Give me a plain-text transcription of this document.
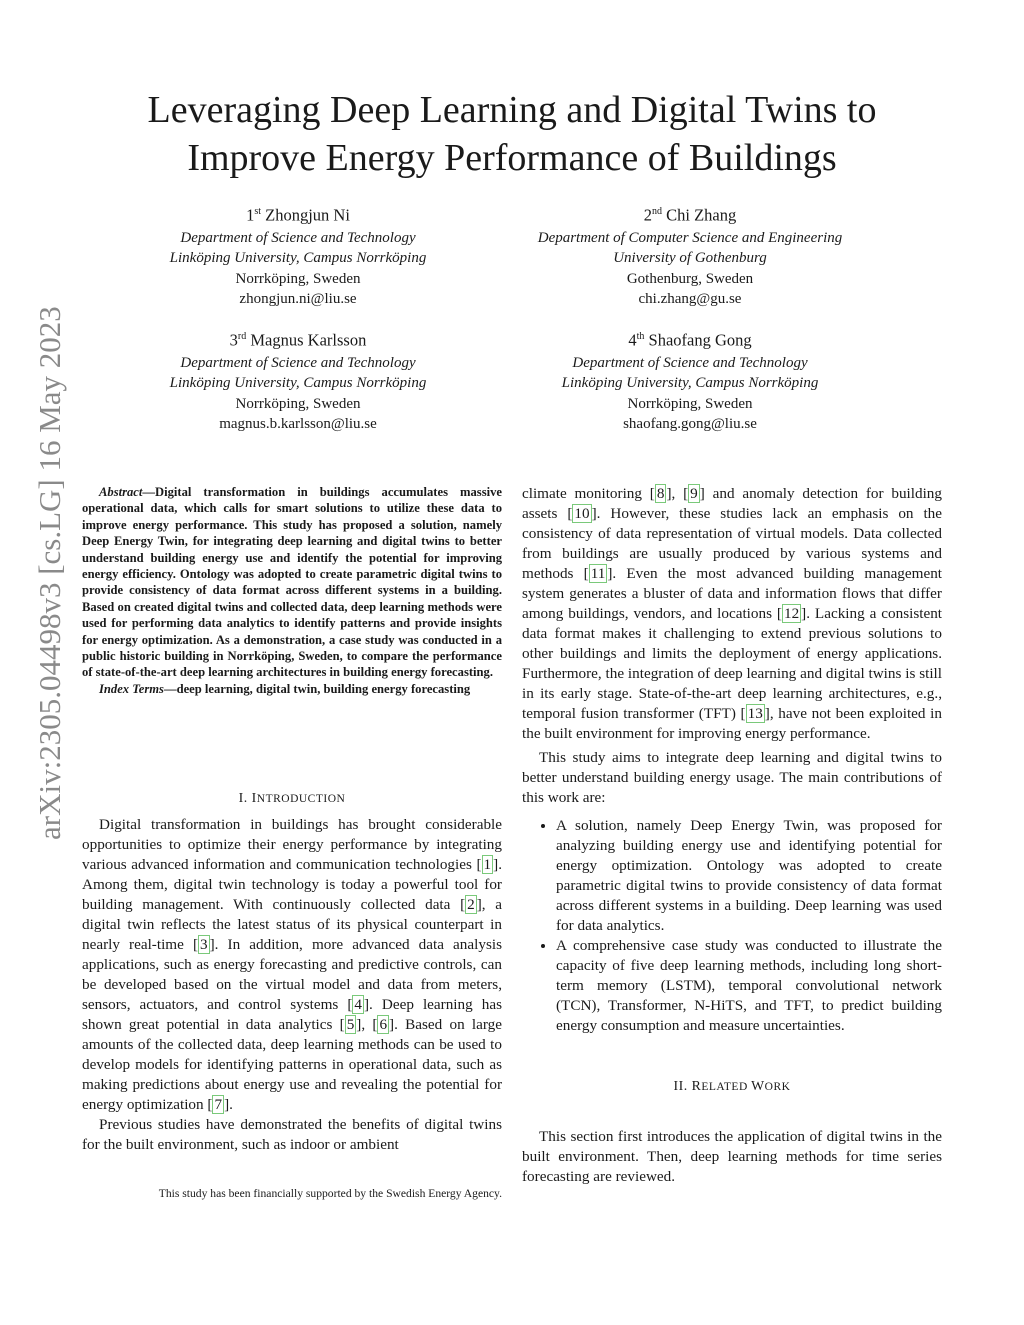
arXiv:2305.04498v3 [cs.LG] 16 May 2023
Leveraging Deep Learning and Digital Twins to
Improve Energy Performance of Buildings
1st Zhongjun Ni
Department of Science and Technology
Linköping University, Campus Norrköping
Norrköping, Sweden
zhongjun.ni@liu.se
2nd Chi Zhang
Department of Computer Science and Engineering
University of Gothenburg
Gothenburg, Sweden
chi.zhang@gu.se
3rd Magnus Karlsson
Department of Science and Technology
Linköping University, Campus Norrköping
Norrköping, Sweden
magnus.b.karlsson@liu.se
4th Shaofang Gong
Department of Science and Technology
Linköping University, Campus Norrköping
Norrköping, Sweden
shaofang.gong@liu.se

Abstract—Digital transformation in buildings accumulates massive operational data, which calls for smart solutions to utilize these data to improve energy performance. This study has proposed a solution, namely Deep Energy Twin, for integrating deep learning and digital twins to better understand building energy use and identify the potential for improving energy efficiency. Ontology was adopted to create parametric digital twins to provide consistency of data format across different systems in a building. Based on created digital twins and collected data, deep learning methods were used for performing data analytics to identify patterns and provide insights for energy optimization. As a demonstration, a case study was conducted in a public historic building in Norrköping, Sweden, to compare the performance of state-of-the-art deep learning architectures in building energy forecasting.

Index Terms—deep learning, digital twin, building energy forecasting

I. INTRODUCTION

Digital transformation in buildings has brought considerable opportunities to optimize their energy performance by integrating various advanced information and communication technologies [ 1 ]. Among them, digital twin technology is today a powerful tool for building management. With continuously collected data [ 2 ], a digital twin reflects the latest status of its physical counterpart in nearly real-time [ 3 ]. In addition, more advanced data analysis applications, such as energy forecasting and predictive controls, can be developed based on the virtual model and data from meters, sensors, actuators, and control systems [ 4 ]. Deep learning has shown great potential in data analytics [ 5 ], [ 6 ]. Based on large amounts of the collected data, deep learning methods can be used to develop models for identifying patterns in operational data, such as making predictions about energy use and revealing the potential for energy optimization [ 7 ].

Previous studies have demonstrated the benefits of digital twins for the built environment, such as indoor or ambient

This study has been financially supported by the Swedish Energy Agency.

climate monitoring [ 8 ], [ 9 ] and anomaly detection for building assets [ 10 ]. However, these studies lack an emphasis on the consistency of data representation of virtual models. Data collected from buildings are usually produced by various systems and methods [ 11 ]. Even the most advanced building management system generates a bluster of data and information flows that differ among buildings, vendors, and locations [ 12 ]. Lacking a consistent data format makes it challenging to extend previous solutions to other buildings and limits the deployment of energy applications. Furthermore, the integration of deep learning and digital twins is still in its early stage. State-of-the-art deep learning architectures, e.g., temporal fusion transformer (TFT) [ 13 ], have not been exploited in the built environment for improving energy performance.

This study aims to integrate deep learning and digital twins to better understand building energy usage. The main contributions of this work are:

• A solution, namely Deep Energy Twin, was proposed for analyzing building energy use and identifying potential for energy optimization. Ontology was adopted to create parametric digital twins to provide consistency of data format across different systems in a building. Deep learning was used for data analytics.
• A comprehensive case study was conducted to illustrate the capacity of five deep learning methods, including long short-term memory (LSTM), temporal convolutional network (TCN), Transformer, N-HiTS, and TFT, to predict building energy consumption and measure uncertainties.
II. RELATED WORK

This section first introduces the application of digital twins in the built environment. Then, deep learning methods for time series forecasting are reviewed.
